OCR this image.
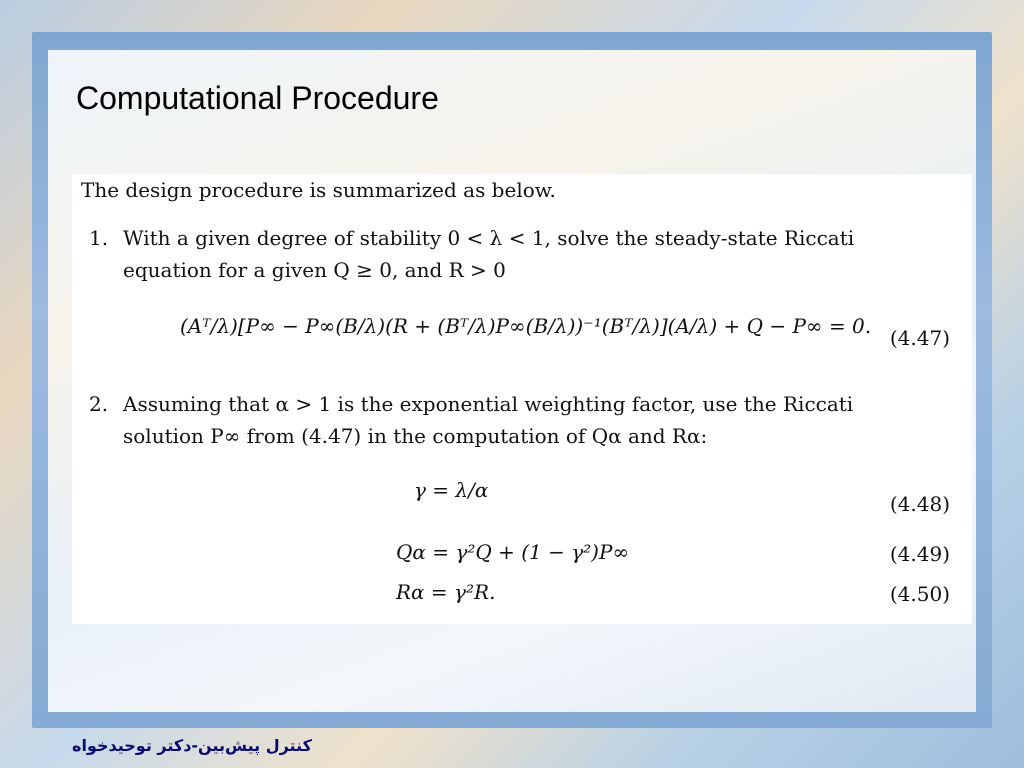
Computational Procedure
The design procedure is summarized as below.
1. With a given degree of stability 0 < λ < 1, solve the steady-state Riccati
equation for a given Q ≥ 0, and R > 0
(Aᵀ/λ)[P∞ − P∞(B/λ)(R + (Bᵀ/λ)P∞(B/λ))⁻¹(Bᵀ/λ)](A/λ) + Q − P∞ = 0. (4.47)
2. Assuming that α > 1 is the exponential weighting factor, use the Riccati
solution P∞ from (4.47) in the computation of Qα and Rα:
γ = λ/α
(4.48)
Qα = γ²Q + (1 − γ²)P∞	(4.49)
Rα = γ²R.	(4.50)

کنترل پیش‌بین-دکتر توحیدخواه
